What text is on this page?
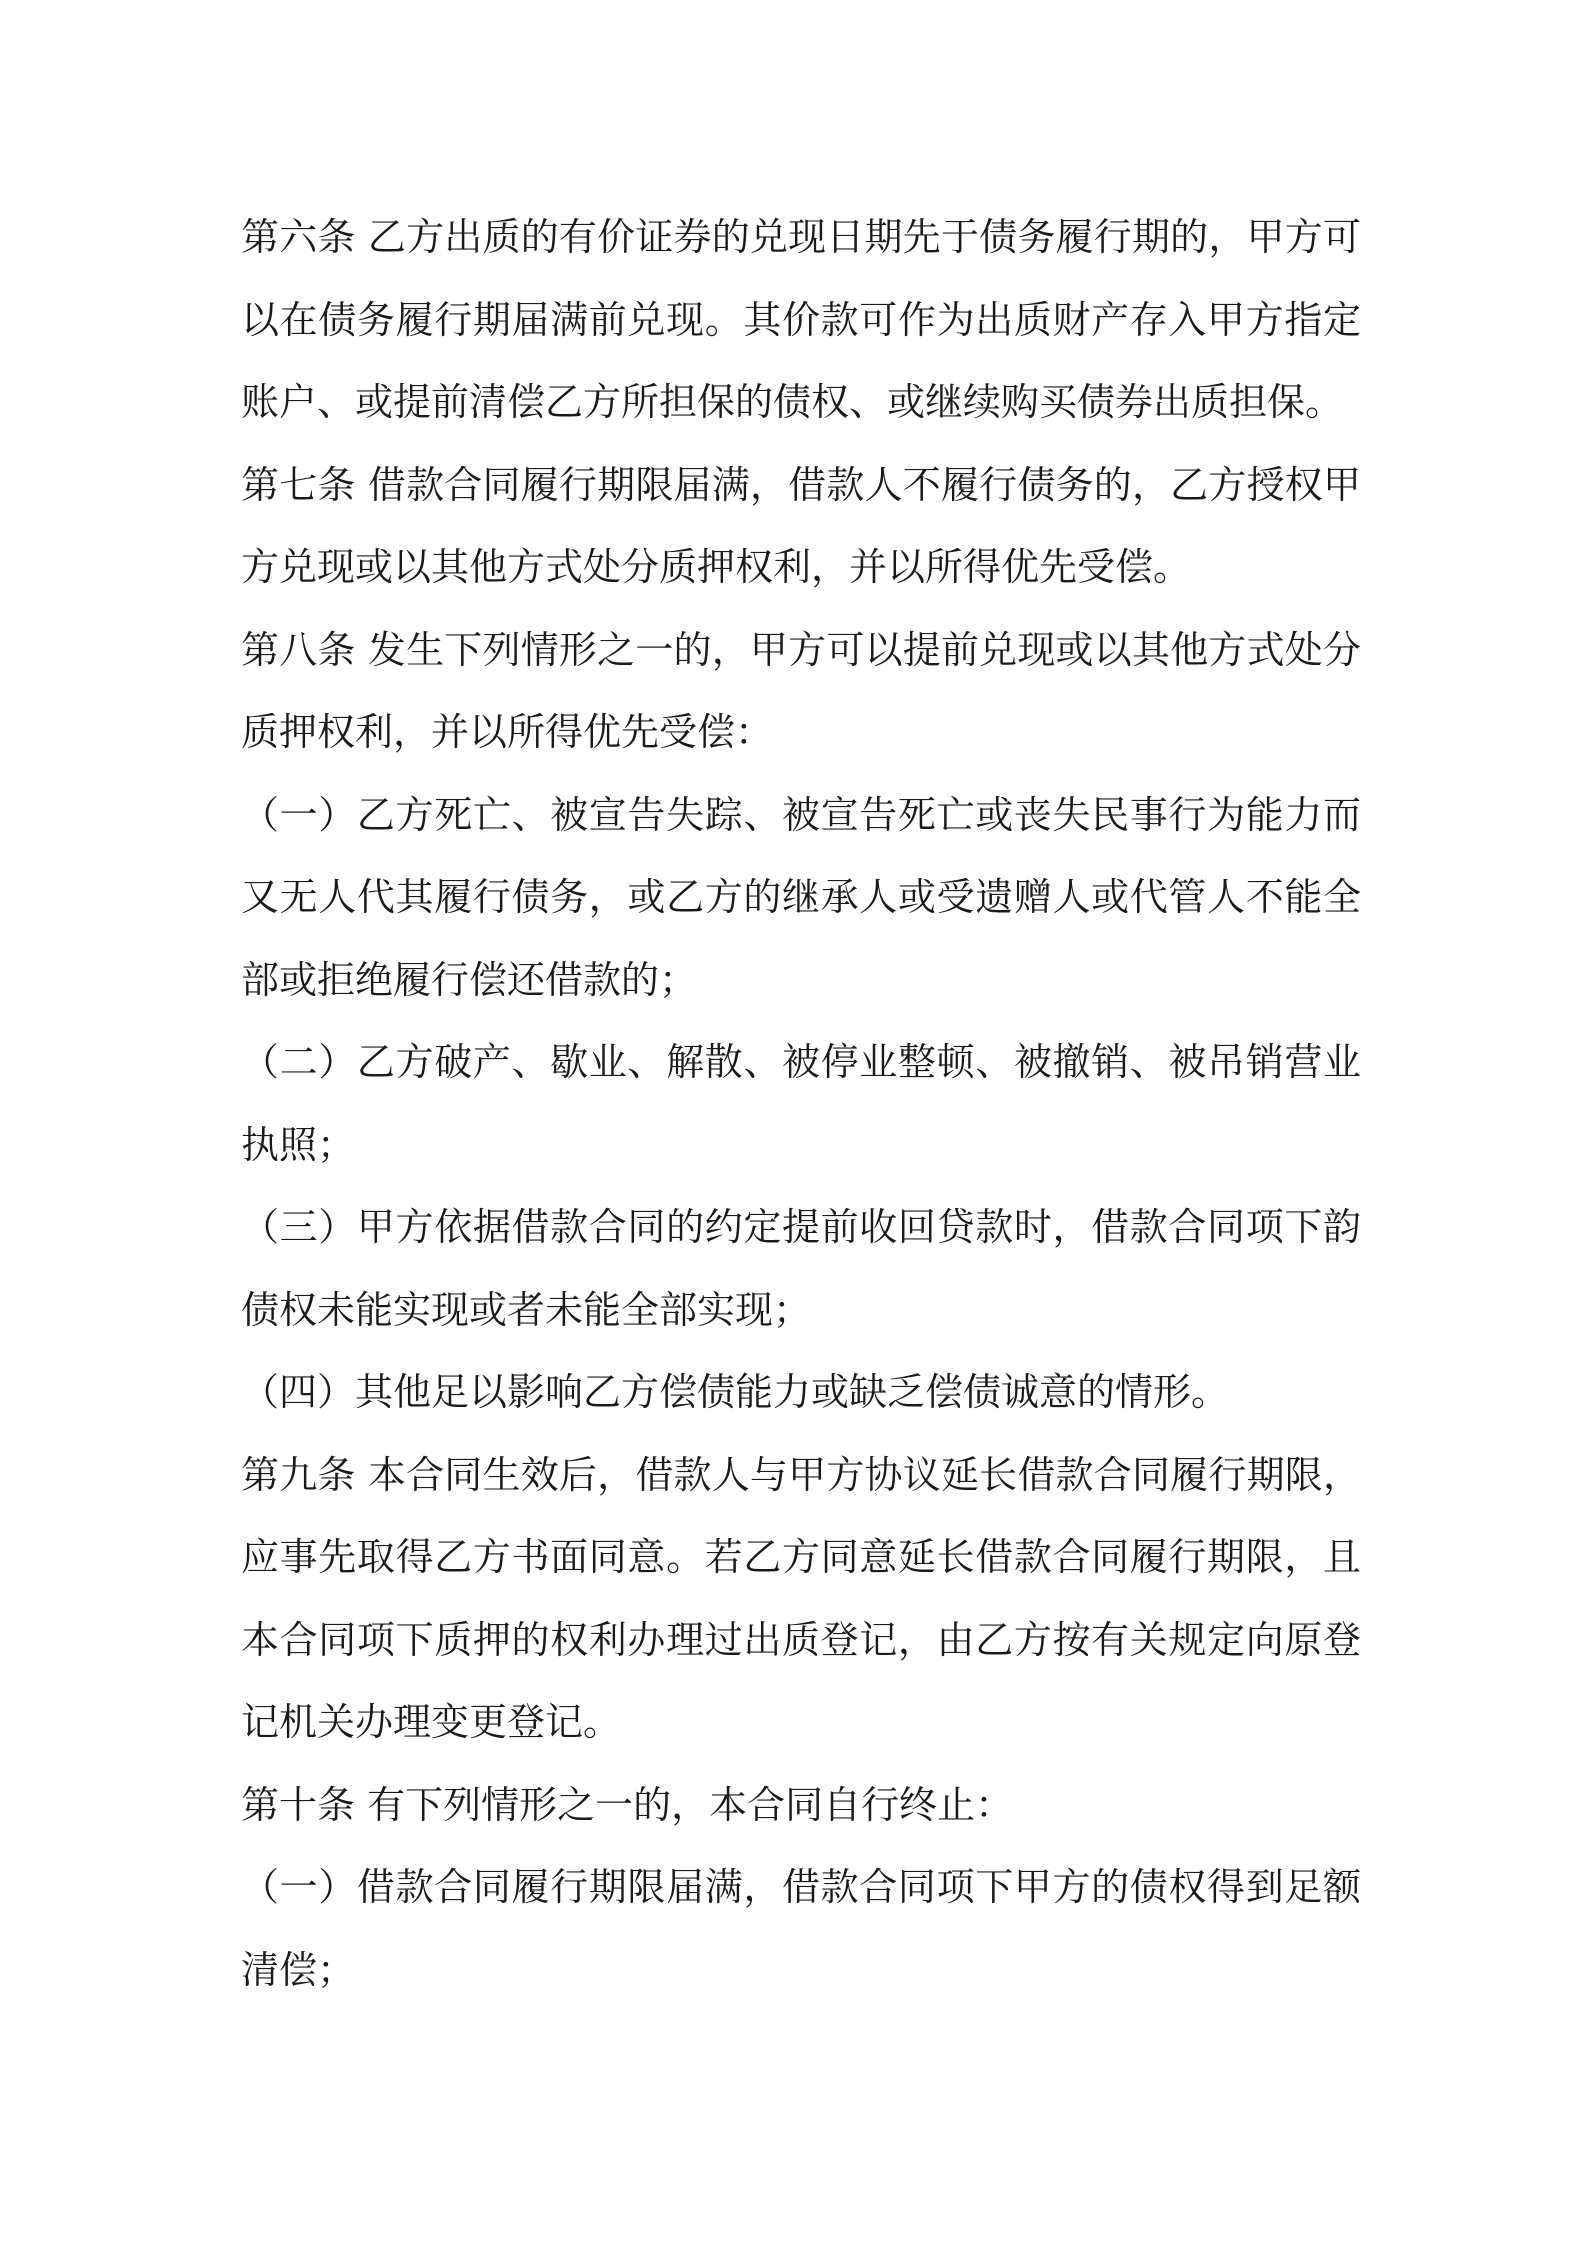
第六条 乙方出质的有价证券的兑现日期先于债务履行期的，甲方可以在债务履行期届满前兑现。其价款可作为出质财产存入甲方指定账户、或提前清偿乙方所担保的债权、或继续购买债券出质担保。

第七条 借款合同履行期限届满，借款人不履行债务的，乙方授权甲方兑现或以其他方式处分质押权利，并以所得优先受偿。

第八条 发生下列情形之一的，甲方可以提前兑现或以其他方式处分质押权利，并以所得优先受偿：

（一）乙方死亡、被宣告失踪、被宣告死亡或丧失民事行为能力而又无人代其履行债务，或乙方的继承人或受遗赠人或代管人不能全部或拒绝履行偿还借款的；

（二）乙方破产、歇业、解散、被停业整顿、被撤销、被吊销营业执照；

（三）甲方依据借款合同的约定提前收回贷款时，借款合同项下韵债权未能实现或者未能全部实现；

（四）其他足以影响乙方偿债能力或缺乏偿债诚意的情形。

第九条 本合同生效后，借款人与甲方协议延长借款合同履行期限，应事先取得乙方书面同意。若乙方同意延长借款合同履行期限，且本合同项下质押的权利办理过出质登记，由乙方按有关规定向原登记机关办理变更登记。

第十条 有下列情形之一的，本合同自行终止：

（一）借款合同履行期限届满，借款合同项下甲方的债权得到足额清偿；
